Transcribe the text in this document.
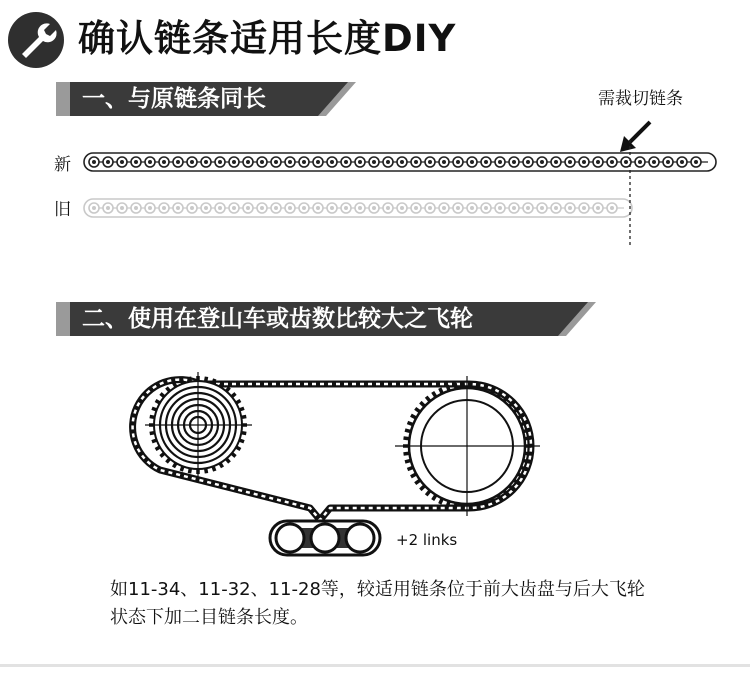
确认链条适用长度DIY
一、与原链条同长	需裁切链条
新
旧
二、使用在登山车或齿数比较大之飞轮
+2 links
如11-34、11-32、11-28等，较适用链条位于前大齿盘与后大飞轮
状态下加二目链条长度。
